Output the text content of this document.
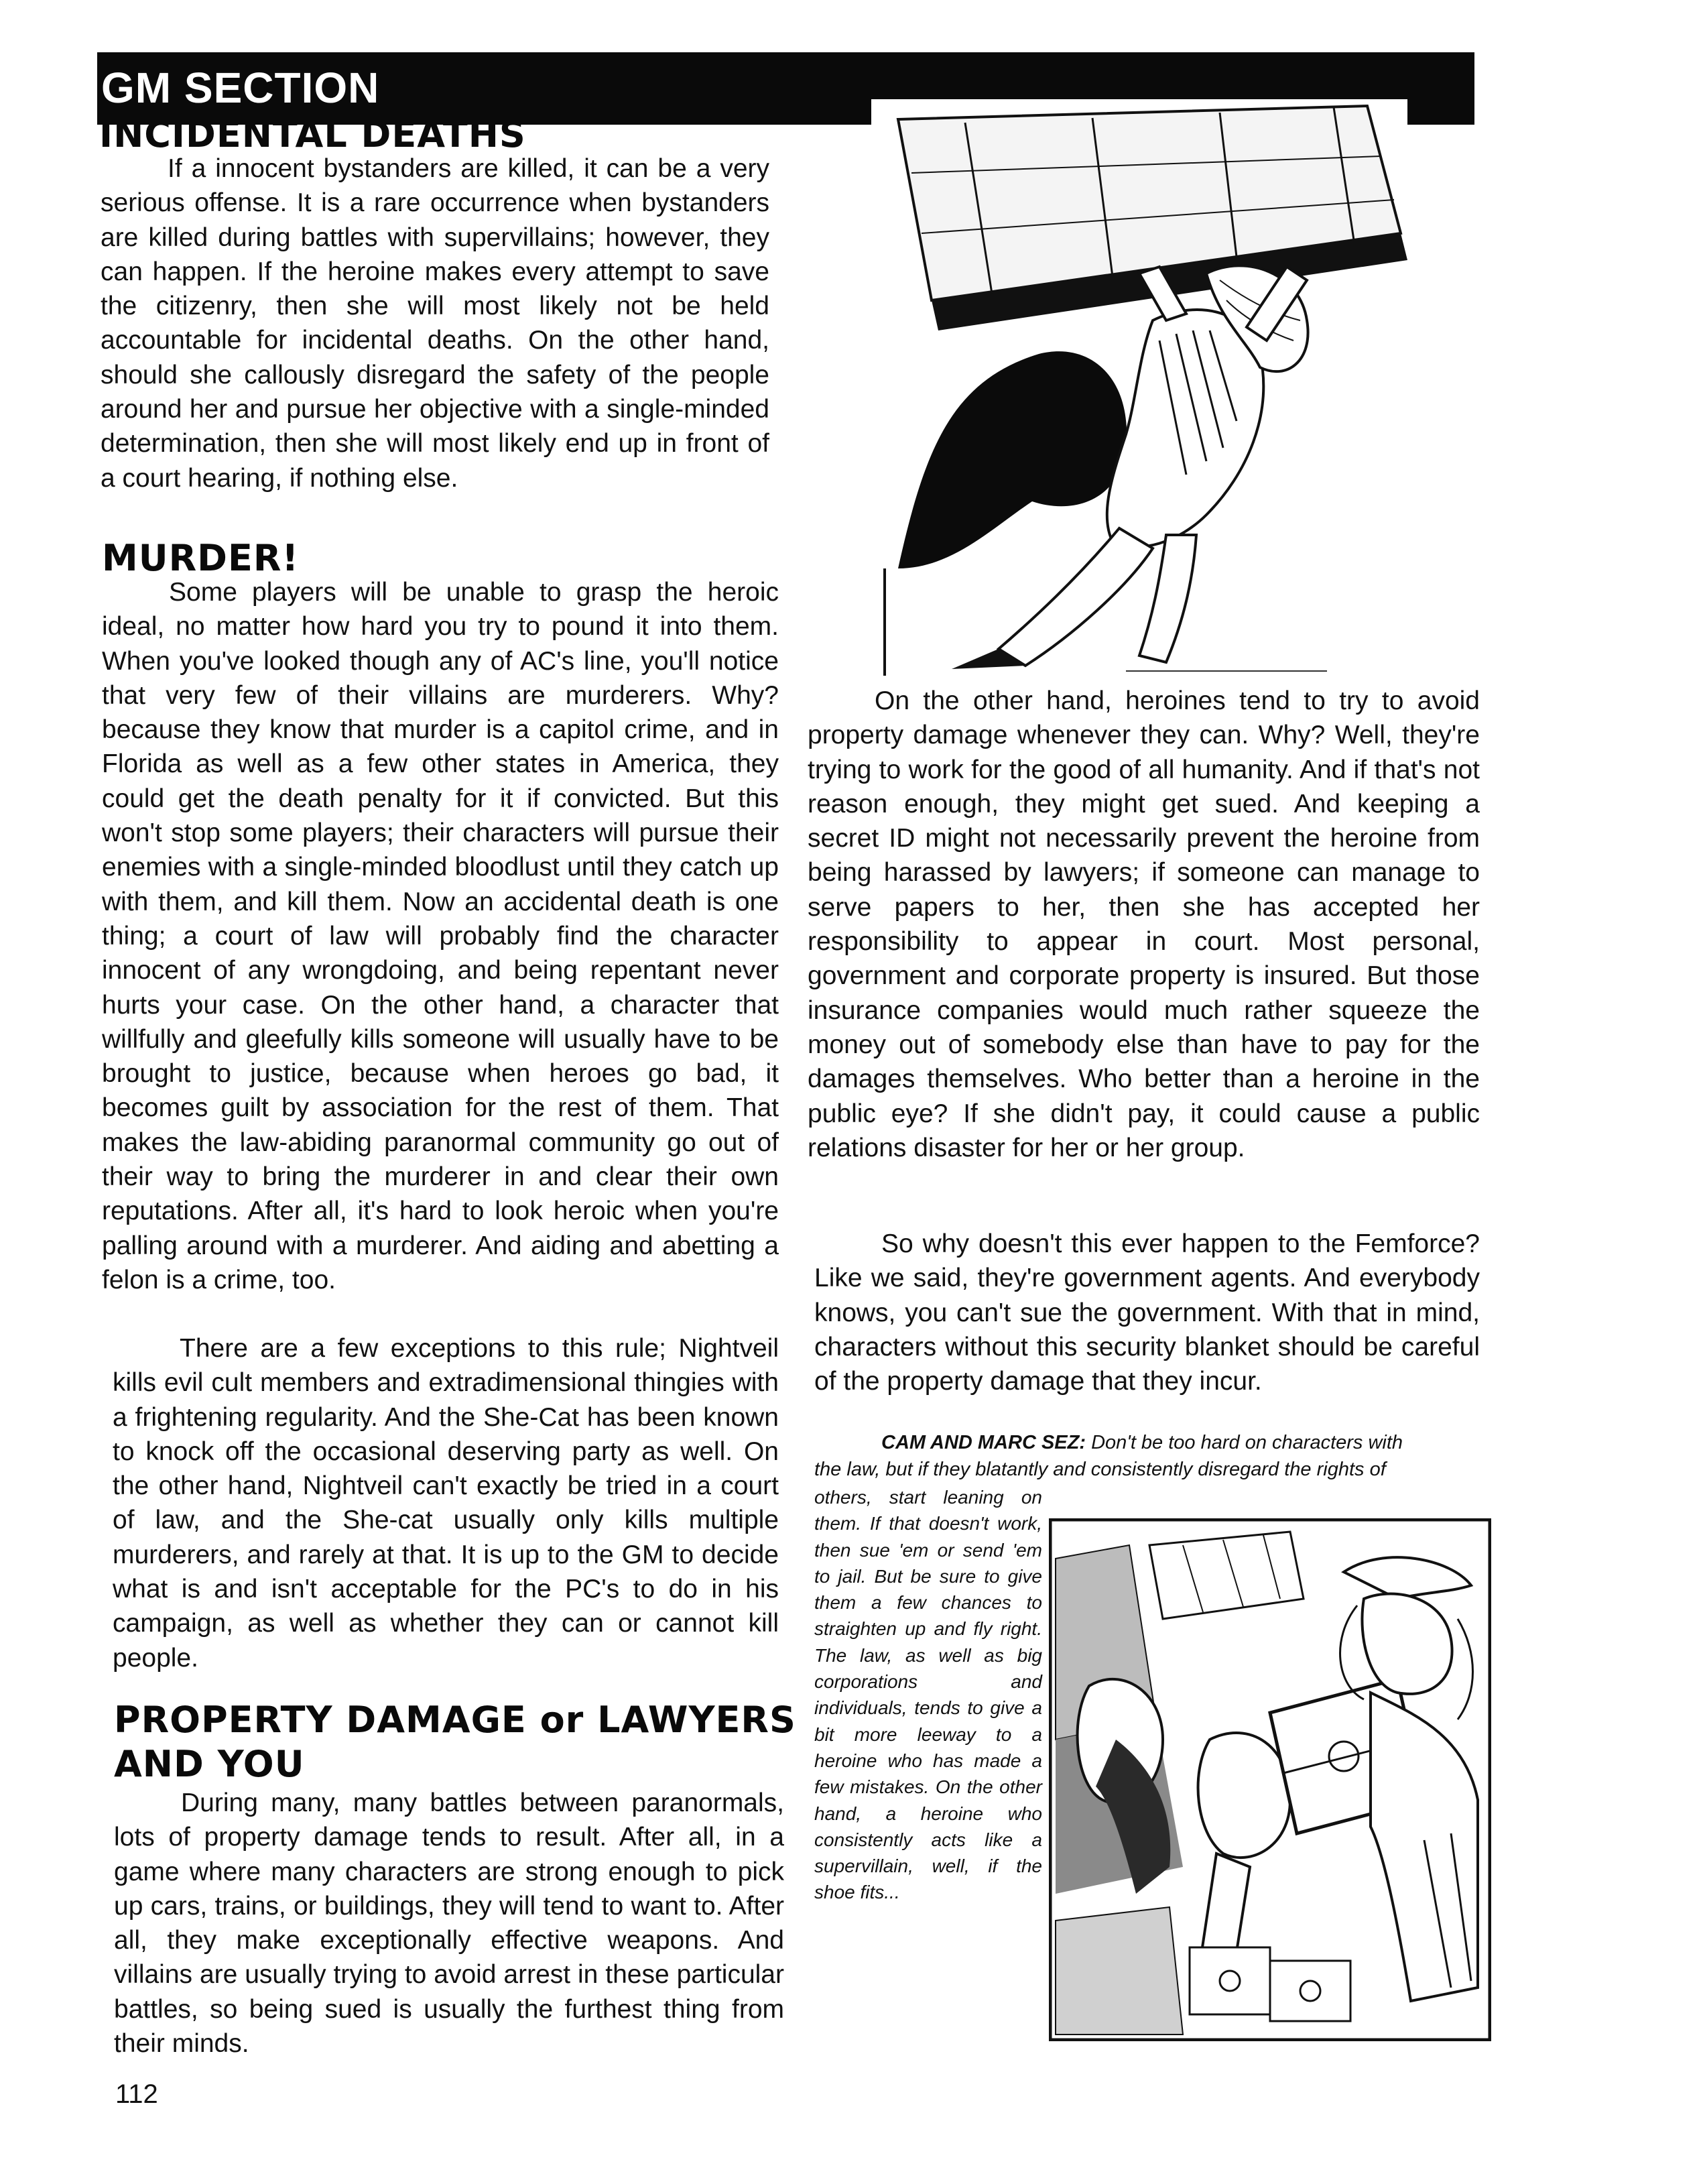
GM SECTION
INCIDENTAL DEATHS

If a innocent bystanders are killed, it can be a very serious offense. It is a rare occurrence when bystanders are killed during battles with supervillains; however, they can happen. If the heroine makes every attempt to save the citizenry, then she will most likely not be held accountable for incidental deaths. On the other hand, should she callously disregard the safety of the people around her and pursue her objective with a single-minded determination, then she will most likely end up in front of a court hearing, if nothing else.

MURDER!

Some players will be unable to grasp the heroic ideal, no matter how hard you try to pound it into them. When you've looked though any of AC's line, you'll notice that very few of their villains are murderers. Why? because they know that murder is a capitol crime, and in Florida as well as a few other states in America, they could get the death penalty for it if convicted. But this won't stop some players; their characters will pursue their enemies with a single-minded bloodlust until they catch up with them, and kill them. Now an accidental death is one thing; a court of law will probably find the character innocent of any wrongdoing, and being repentant never hurts your case. On the other hand, a character that willfully and gleefully kills someone will usually have to be brought to justice, because when heroes go bad, it becomes guilt by association for the rest of them. That makes the law-abiding paranormal community go out of their way to bring the murderer in and clear their own reputations. After all, it's hard to look heroic when you're palling around with a murderer. And aiding and abetting a felon is a crime, too.

There are a few exceptions to this rule; Nightveil kills evil cult members and extradimensional thingies with a frightening regularity. And the She-Cat has been known to knock off the occasional deserving party as well. On the other hand, Nightveil can't exactly be tried in a court of law, and the She-cat usually only kills multiple murderers, and rarely at that. It is up to the GM to decide what is and isn't acceptable for the PC's to do in his campaign, as well as whether they can or cannot kill people.

PROPERTY DAMAGE or LAWYERS
AND YOU

During many, many battles between paranormals, lots of property damage tends to result. After all, in a game where many characters are strong enough to pick up cars, trains, or buildings, they will tend to want to. After all, they make exceptionally effective weapons. And villains are usually trying to avoid arrest in these particular battles, so being sued is usually the furthest thing from their minds.

112

On the other hand, heroines tend to try to avoid property damage whenever they can. Why? Well, they're trying to work for the good of all humanity. And if that's not reason enough, they might get sued. And keeping a secret ID might not necessarily prevent the heroine from being harassed by lawyers; if someone can manage to serve papers to her, then she has accepted her responsibility to appear in court. Most personal, government and corporate property is insured. But those insurance companies would much rather squeeze the money out of somebody else than have to pay for the damages themselves. Who better than a heroine in the public eye? If she didn't pay, it could cause a public relations disaster for her or her group.

So why doesn't this ever happen to the Femforce? Like we said, they're government agents. And everybody knows, you can't sue the government. With that in mind, characters without this security blanket should be careful of the property damage that they incur.

CAM AND MARC SEZ: Don't be too hard on characters with

the law, but if they blatantly and consistently disregard the rights of

others, start leaning on them. If that doesn't work, then sue 'em or send 'em to jail. But be sure to give them a few chances to straighten up and fly right. The law, as well as big corporations and individuals, tends to give a bit more leeway to a heroine who has made a few mistakes. On the other hand, a heroine who consistently acts like a supervillain, well, if the shoe fits...
